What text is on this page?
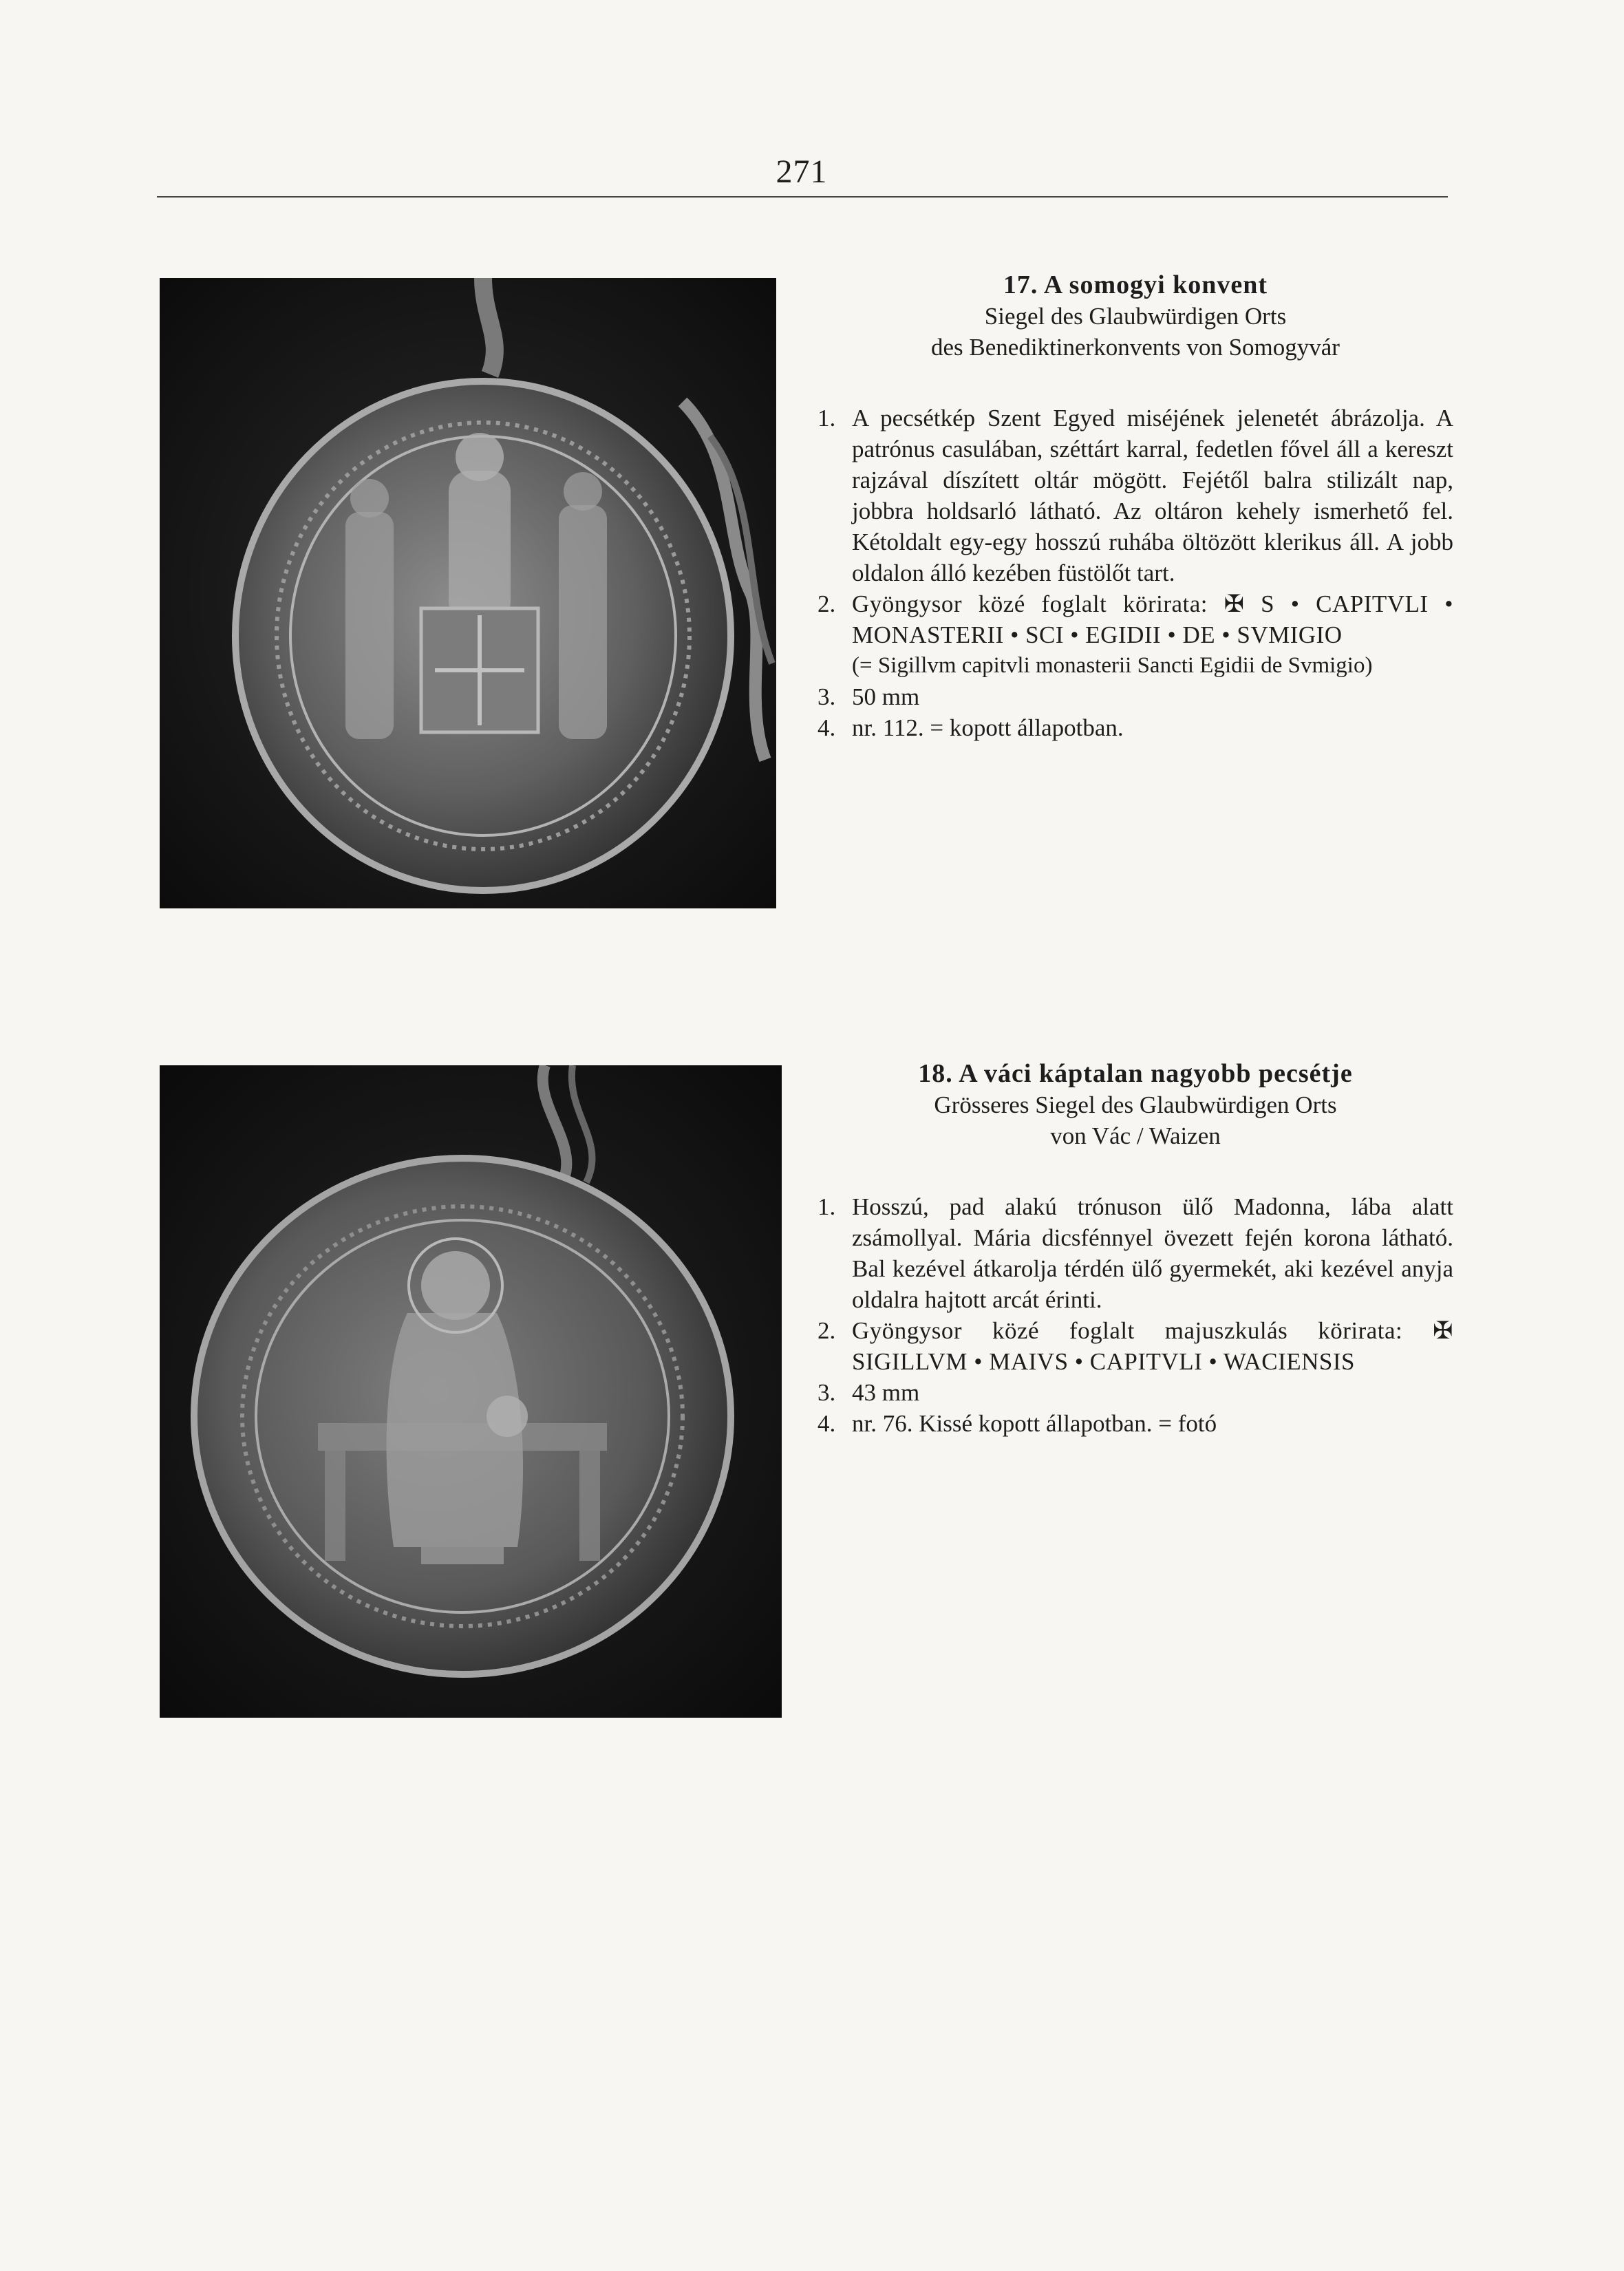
271
17. A somogyi konvent
Siegel des Glaubwürdigen Orts
des Benediktinerkonvents von Somogyvár
1. A pecsétkép Szent Egyed miséjének jelenetét ábrázolja. A patrónus casulában, széttárt karral, fedetlen fővel áll a kereszt rajzával díszített oltár mögött. Fejétől balra stilizált nap, jobbra holdsarló látható. Az oltáron kehely ismerhető fel. Kétoldalt egy-egy hosszú ruhába öltözött klerikus áll. A jobb oldalon álló kezében füstölőt tart.
2. Gyöngysor közé foglalt körirata: ✠ S • CAPITVLI • MONASTERII • SCI • EGIDII • DE • SVMIGIO
(= Sigillvm capitvli monasterii Sancti Egidii de Svmigio)
3. 50 mm
4. nr. 112. = kopott állapotban.
18. A váci káptalan nagyobb pecsétje
Grösseres Siegel des Glaubwürdigen Orts
von Vác / Waizen
1. Hosszú, pad alakú trónuson ülő Madonna, lába alatt zsámollyal. Mária dicsfénnyel övezett fején korona látható. Bal kezével átkarolja térdén ülő gyermekét, aki kezével anyja oldalra hajtott arcát érinti.
2. Gyöngysor közé foglalt majuszkulás körirata: ✠ SIGILLVM • MAIVS • CAPITVLI • WACIENSIS
3. 43 mm
4. nr. 76. Kissé kopott állapotban. = fotó
